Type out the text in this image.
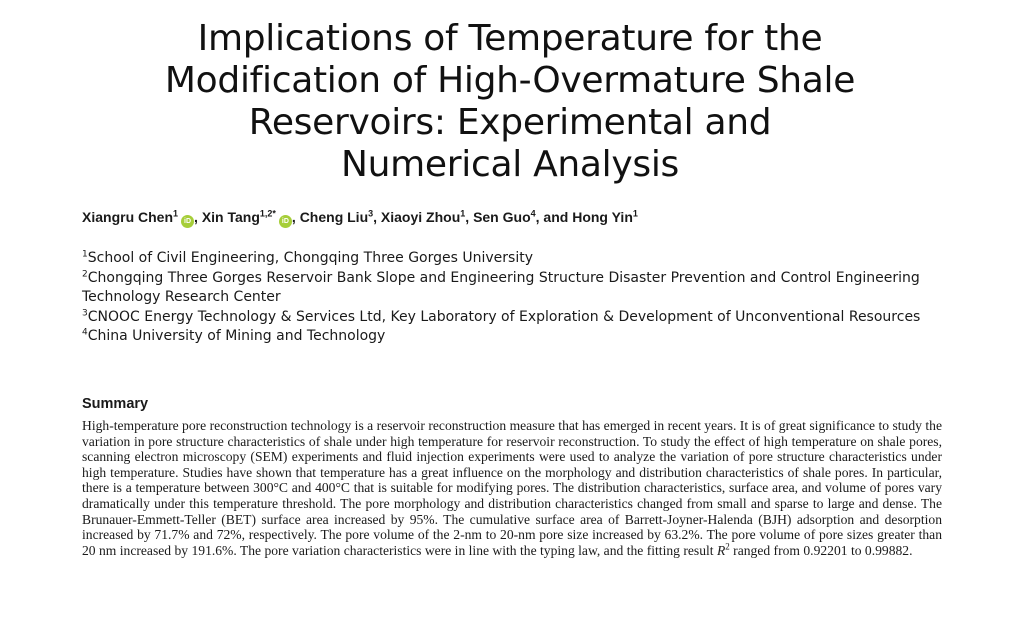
Implications of Temperature for the
Modification of High-Overmature Shale
Reservoirs: Experimental and
Numerical Analysis
Xiangru Chen$^1$iD , Xin Tang$^{1,2*}$iD , Cheng Liu$^3$, Xiaoyi Zhou$^1$, Sen Guo$^4$, and Hong Yin$^1$
$^1$School of Civil Engineering, Chongqing Three Gorges University
$^2$Chongqing Three Gorges Reservoir Bank Slope and Engineering Structure Disaster Prevention and Control Engineering Technology Research Center
$^3$CNOOC Energy Technology & Services Ltd, Key Laboratory of Exploration & Development of Unconventional Resources
$^4$China University of Mining and Technology
Summary
High-temperature pore reconstruction technology is a reservoir reconstruction measure that has emerged in recent years. It is of great significance to study the variation in pore structure characteristics of shale under high temperature for reservoir reconstruction. To study the effect of high temperature on shale pores, scanning electron microscopy (SEM) experiments and fluid injection experiments were used to analyze the variation of pore structure characteristics under high temperature. Studies have shown that temperature has a great influence on the morphology and distribution characteristics of shale pores. In particular, there is a temperature between 300°C and 400°C that is suitable for modifying pores. The distribution characteristics, surface area, and volume of pores vary dramatically under this temperature threshold. The pore morphology and distribution characteristics changed from small and sparse to large and dense. The Brunauer-Emmett-Teller (BET) surface area increased by 95%. The cumulative surface area of Barrett-Joyner-Halenda (BJH) adsorption and desorption increased by 71.7% and 72%, respectively. The pore volume of the 2-nm to 20-nm pore size increased by 63.2%. The pore volume of pore sizes greater than 20 nm increased by 191.6%. The pore variation characteristics were in line with the typing law, and the fitting result $R^2$ ranged from 0.92201 to 0.99882.
